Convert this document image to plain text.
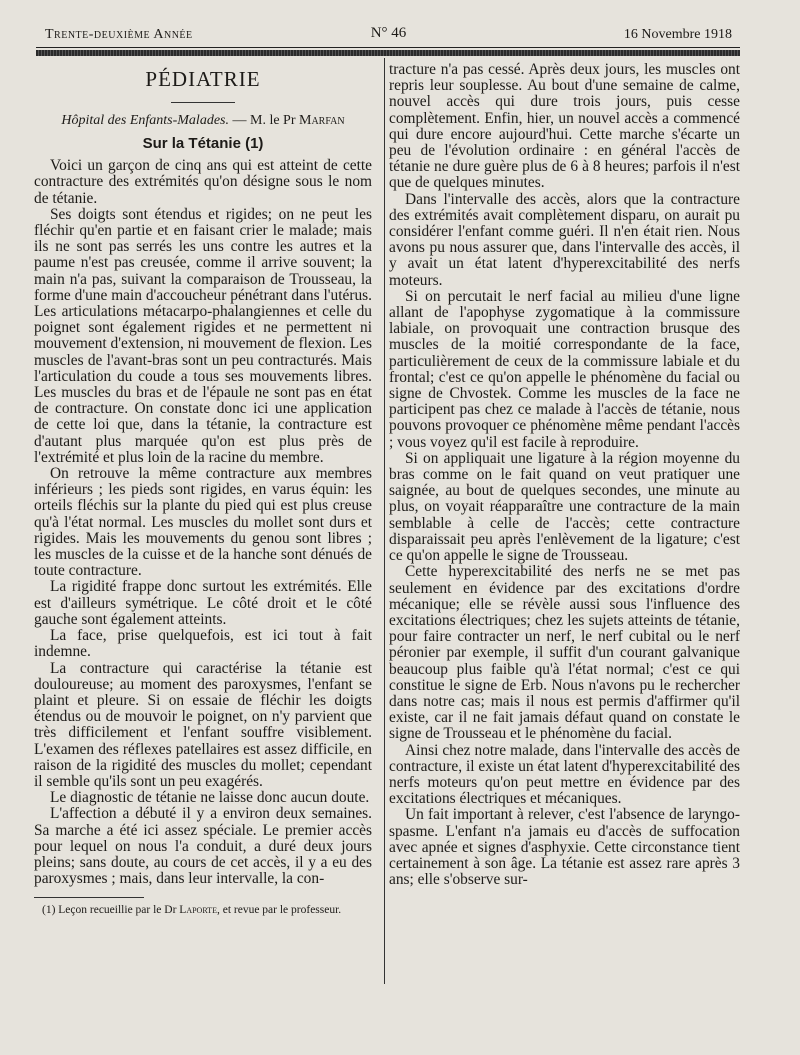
Trente-deuxième Année	N° 46	16 Novembre 1918
PÉDIATRIE
Hôpital des Enfants-Malades. — M. le Pr Marfan
Sur la Tétanie (1)

Voici un garçon de cinq ans qui est atteint de cette contracture des extrémités qu'on désigne sous le nom de tétanie.

Ses doigts sont étendus et rigides; on ne peut les fléchir qu'en partie et en faisant crier le malade; mais ils ne sont pas serrés les uns contre les autres et la paume n'est pas creusée, comme il arrive souvent; la main n'a pas, suivant la comparaison de Trousseau, la forme d'une main d'accoucheur pénétrant dans l'utérus. Les articulations métacarpo-phalangiennes et celle du poignet sont également rigides et ne permettent ni mouvement d'extension, ni mouvement de flexion. Les muscles de l'avant-bras sont un peu contracturés. Mais l'articulation du coude a tous ses mouvements libres. Les muscles du bras et de l'épaule ne sont pas en état de contracture. On constate donc ici une application de cette loi que, dans la tétanie, la contracture est d'autant plus marquée qu'on est plus près de l'extrémité et plus loin de la racine du membre.

On retrouve la même contracture aux membres inférieurs ; les pieds sont rigides, en varus équin: les orteils fléchis sur la plante du pied qui est plus creuse qu'à l'état normal. Les muscles du mollet sont durs et rigides. Mais les mouvements du genou sont libres ; les muscles de la cuisse et de la hanche sont dénués de toute contracture.

La rigidité frappe donc surtout les extrémités. Elle est d'ailleurs symétrique. Le côté droit et le côté gauche sont également atteints.

La face, prise quelquefois, est ici tout à fait indemne.

La contracture qui caractérise la tétanie est douloureuse; au moment des paroxysmes, l'enfant se plaint et pleure. Si on essaie de fléchir les doigts étendus ou de mouvoir le poignet, on n'y parvient que très difficilement et l'enfant souffre visiblement. L'examen des réflexes patellaires est assez difficile, en raison de la rigidité des muscles du mollet; cependant il semble qu'ils sont un peu exagérés.

Le diagnostic de tétanie ne laisse donc aucun doute.

L'affection a débuté il y a environ deux semaines. Sa marche a été ici assez spéciale. Le premier accès pour lequel on nous l'a conduit, a duré deux jours pleins; sans doute, au cours de cet accès, il y a eu des paroxysmes ; mais, dans leur intervalle, la con-

(1) Leçon recueillie par le Dr Laporte, et revue par le professeur.

tracture n'a pas cessé. Après deux jours, les muscles ont repris leur souplesse. Au bout d'une semaine de calme, nouvel accès qui dure trois jours, puis cesse complètement. Enfin, hier, un nouvel accès a commencé qui dure encore aujourd'hui. Cette marche s'écarte un peu de l'évolution ordinaire : en général l'accès de tétanie ne dure guère plus de 6 à 8 heures; parfois il n'est que de quelques minutes.

Dans l'intervalle des accès, alors que la contracture des extrémités avait complètement disparu, on aurait pu considérer l'enfant comme guéri. Il n'en était rien. Nous avons pu nous assurer que, dans l'intervalle des accès, il y avait un état latent d'hyperexcitabilité des nerfs moteurs.

Si on percutait le nerf facial au milieu d'une ligne allant de l'apophyse zygomatique à la commissure labiale, on provoquait une contraction brusque des muscles de la moitié correspondante de la face, particulièrement de ceux de la commissure labiale et du frontal; c'est ce qu'on appelle le phénomène du facial ou signe de Chvostek. Comme les muscles de la face ne participent pas chez ce malade à l'accès de tétanie, nous pouvons provoquer ce phénomène même pendant l'accès ; vous voyez qu'il est facile à reproduire.

Si on appliquait une ligature à la région moyenne du bras comme on le fait quand on veut pratiquer une saignée, au bout de quelques secondes, une minute au plus, on voyait réapparaître une contracture de la main semblable à celle de l'accès; cette contracture disparaissait peu après l'enlèvement de la ligature; c'est ce qu'on appelle le signe de Trousseau.

Cette hyperexcitabilité des nerfs ne se met pas seulement en évidence par des excitations d'ordre mécanique; elle se révèle aussi sous l'influence des excitations électriques; chez les sujets atteints de tétanie, pour faire contracter un nerf, le nerf cubital ou le nerf péronier par exemple, il suffit d'un courant galvanique beaucoup plus faible qu'à l'état normal; c'est ce qui constitue le signe de Erb. Nous n'avons pu le rechercher dans notre cas; mais il nous est permis d'affirmer qu'il existe, car il ne fait jamais défaut quand on constate le signe de Trousseau et le phénomène du facial.

Ainsi chez notre malade, dans l'intervalle des accès de contracture, il existe un état latent d'hyperexcitabilité des nerfs moteurs qu'on peut mettre en évidence par des excitations électriques et mécaniques.

Un fait important à relever, c'est l'absence de laryngo-spasme. L'enfant n'a jamais eu d'accès de suffocation avec apnée et signes d'asphyxie. Cette circonstance tient certainement à son âge. La tétanie est assez rare après 3 ans; elle s'observe sur-
